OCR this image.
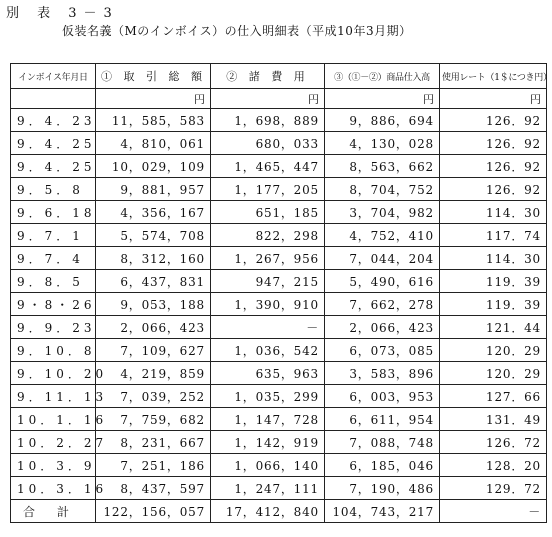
別 表 3－3
仮装名義（Mのインボイス）の仕入明細表（平成10年3月期）
インボイス年月日	① 取 引 総 額	② 諸 費 用	③（①－②）商品仕入高	使用レート（1＄につき円）
	円	円	円	円
9．4．23	11，585，583	1，698，889	9，886，694	126．92
9．4．25	4，810，061	680，033	4，130，028	126．92
9．4．25	10，029，109	1，465，447	8，563，662	126．92
9．5．8	9，881，957	1，177，205	8，704，752	126．92
9．6．18	4，356，167	651，185	3，704，982	114．30
9．7．1	5，574，708	822，298	4，752，410	117．74
9．7．4	8，312，160	1，267，956	7，044，204	114．30
9．8．5	6，437，831	947，215	5，490，616	119．39
9・8・26	9，053，188	1，390，910	7，662，278	119．39
9．9．23	2，066，423	－	2，066，423	121．44
9．10．8	7，109，627	1，036，542	6，073，085	120．29
9．10．20	4，219，859	635，963	3，583，896	120．29
9．11．13	7，039，252	1，035，299	6，003，953	127．66
10．1．16	7，759，682	1，147，728	6，611，954	131．49
10．2．27	8，231，667	1，142，919	7，088，748	126．72
10．3．9	7，251，186	1，066，140	6，185，046	128．20
10．3．16	8，437，597	1，247，111	7，190，486	129．72
合計	122，156，057	17，412，840	104，743，217	－
